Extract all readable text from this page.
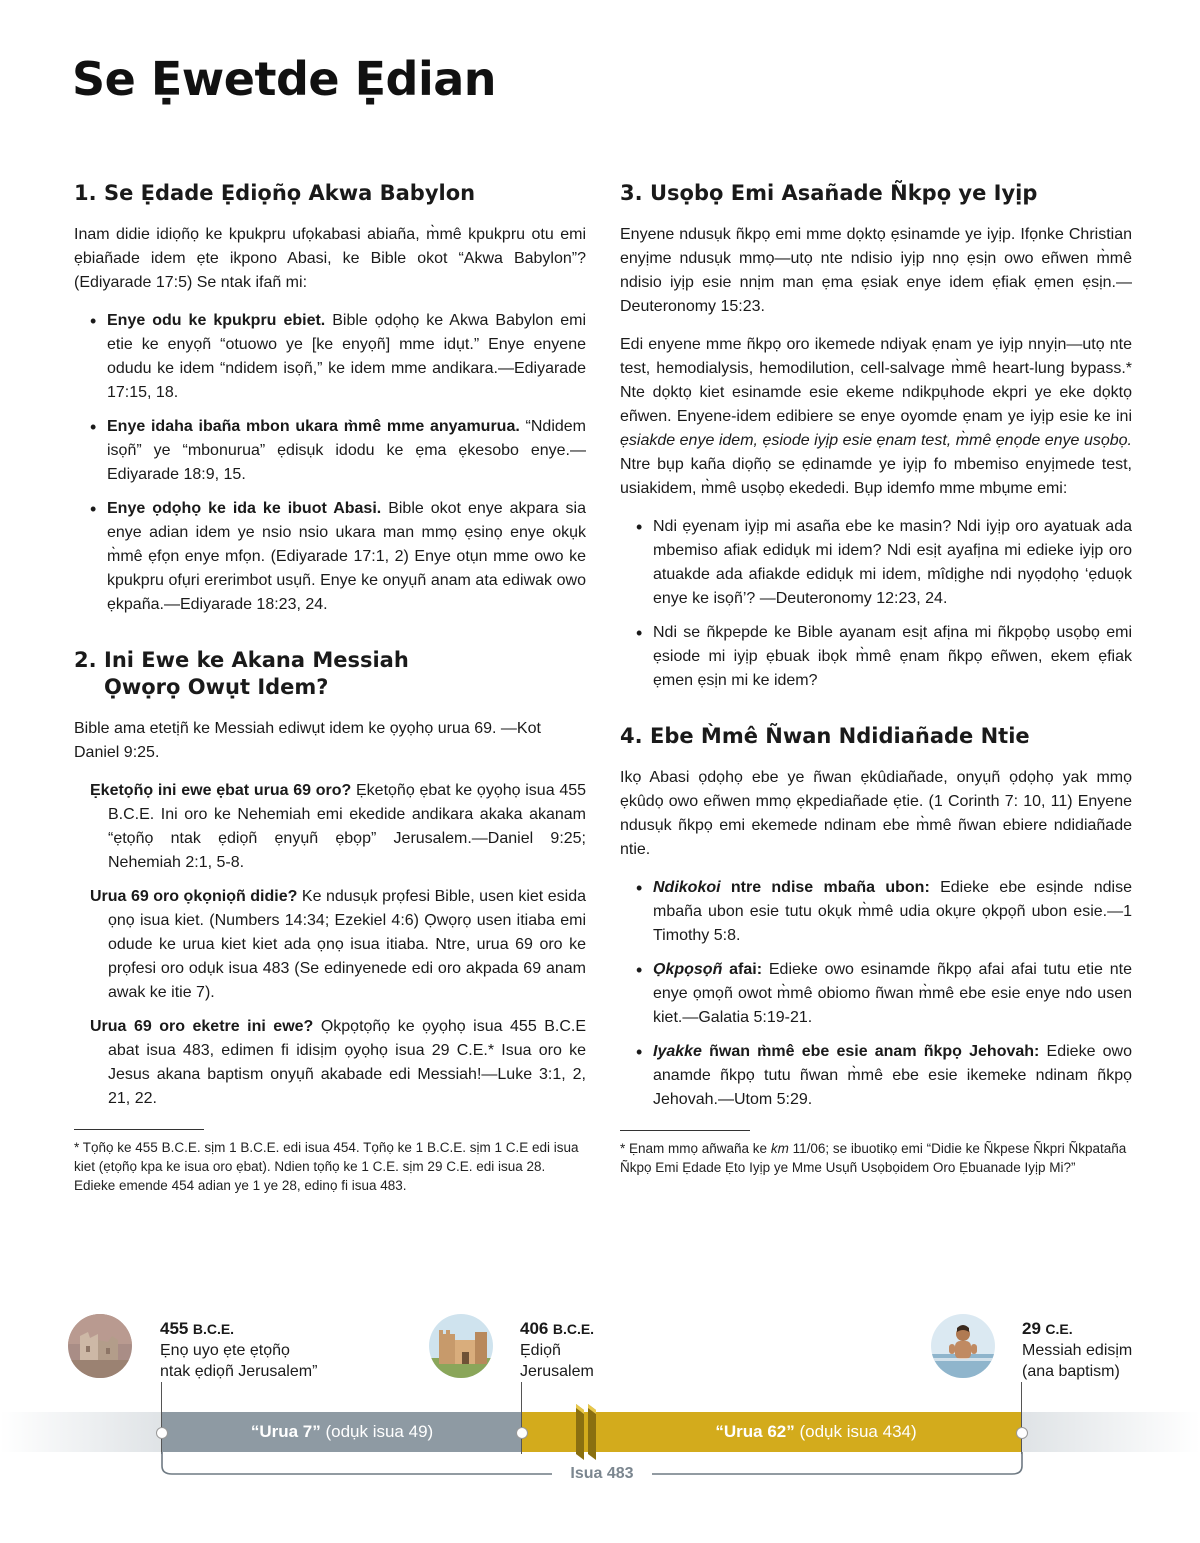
Se Ẹwetde Ẹdian
1. Se Ẹdade Ẹdiọñọ Akwa Babylon

Inam didie idiọñọ ke kpukpru ufọkabasi abiaña, m̀mê kpukpru otu emi ẹbiañade idem ẹte ikpono Abasi, ke Bible okot “Akwa Babylon”? (Ediyarade 17:5) Se ntak ifañ mi:

• Enye odu ke kpukpru ebiet. Bible ọdọhọ ke Akwa Babylon emi etie ke enyọñ “otuowo ye [ke enyọñ] mme idụt.” Enye enyene odudu ke idem “ndidem isọñ,” ke idem mme andikara.—Ediyarade 17:15, 18.
• Enye idaha ibaña mbon ukara m̀mê mme anyamurua. “Ndidem isọñ” ye “mbonurua” ẹdisụk idodu ke ẹma ẹkesobo enye.—Ediyarade 18:9, 15.
• Enye ọdọhọ ke ida ke ibuot Abasi. Bible okot enye akpara sia enye adian idem ye nsio nsio ukara man mmọ ẹsinọ enye okụk m̀mê ẹfọn enye mfọn. (Ediyarade 17:1, 2) Enye otụn mme owo ke kpukpru ofụri ererimbot usụñ. Enye ke onyụñ anam ata ediwak owo ẹkpañа.—Ediyarade 18:23, 24.
2. Ini Ewe ke Akana Messiah Ọwọrọ Owụt Idem?

Bible ama etetịñ ke Messiah ediwụt idem ke ọyọhọ urua 69. —Kot Daniel 9:25.

Ẹketọñọ ini ewe ẹbat urua 69 oro? Ẹketọñọ ẹbat ke ọyọhọ isua 455 B.C.E. Ini oro ke Nehemiah emi ekedide andikara akaka akanam “ẹtọñọ ntak ẹdiọñ ẹnyụñ ẹbọp” Jerusalem.—Daniel 9:25; Nehemiah 2:1, 5-8.
Urua 69 oro ọkọniọñ didie? Ke ndusụk prọfesi Bible, usen kiet esida ọnọ isua kiet. (Numbers 14:34; Ezekiel 4:6) Ọwọrọ usen itiaba emi odude ke urua kiet kiet ada ọnọ isua itiaba. Ntre, urua 69 oro ke prọfesi oro odụk isua 483 (Se edinyenede edi oro akpada 69 anam awak ke itie 7).
Urua 69 oro eketre ini ewe? Ọkpọtọñọ ke ọyọhọ isua 455 B.C.E abat isua 483, edimen fi idisịm ọyọhọ isua 29 C.E.* Isua oro ke Jesus akana baptism onyụñ akabade edi Messiah!—Luke 3:1, 2, 21, 22.

* Tọñọ ke 455 B.C.E. sịm 1 B.C.E. edi isua 454. Tọñọ ke 1 B.C.E. sịm 1 C.E edi isua kiet (ẹtọñọ kpa ke isua oro ẹbat). Ndien tọñọ ke 1 C.E. sịm 29 C.E. edi isua 28. Edieke emende 454 adian ye 1 ye 28, edinọ fi isua 483.

3. Usọbọ Emi Asañade Ñkpọ ye Iyịp

Enyene ndusụk ñkpọ emi mme dọktọ ẹsinamde ye iyịp. Ifọnke Christian enyịme ndusụk mmọ—utọ nte ndisio iyịp nnọ ẹsịn owo eñwen m̀mê ndisio iyịp esie nnịm man ẹma ẹsiak enye idem ẹfiak ẹmen ẹsịn.—Deuteronomy 15:23.

Edi enyene mme ñkpọ oro ikemede ndiyak ẹnam ye iyịp nnyịn—utọ nte test, hemodialysis, hemodilution, cell-salvage m̀mê heart-lung bypass.* Nte dọktọ kiet esinamde esie ekeme ndikpụhode ekpri ye eke dọktọ eñwen. Enyene-idem edibiere se enye oyomde ẹnam ye iyịp esie ke ini ẹsiakde enye idem, ẹsiode iyịp esie ẹnam test, m̀mê ẹnọde enye usọbọ. Ntre bụp kaña diọñọ se ẹdinamde ye iyịp fo mbemiso enyịmede test, usiakidem, m̀mê usọbọ ekededi. Bụp idemfo mme mbụme emi:

• Ndi ẹyenam iyịp mi asaña ebe ke masin? Ndi iyịp oro ayatuak ada mbemiso afiak edidụk mi idem? Ndi esịt ayafịna mi edieke iyịp oro atuakde ada afiakde edidụk mi idem, mîdịghe ndi nyọdọhọ ‘ẹduọk enye ke isọñ’? —Deuteronomy 12:23, 24.
• Ndi se ñkpepde ke Bible ayanam esịt afịna mi ñkpọbọ usọbọ emi ẹsiode mi iyịp ẹbuak ibọk m̀mê ẹnam ñkpọ eñwen, ekem ẹfiak ẹmen ẹsịn mi ke idem?
4. Ebe M̀mê Ñwan Ndidiañade Ntie

Ikọ Abasi ọdọhọ ebe ye ñwan ẹkûdiañade, onyụñ ọdọhọ yak mmọ ẹkûdọ owo eñwen mmọ ẹkpediañade ẹtie. (1 Corinth 7: 10, 11) Enyene ndusụk ñkpọ emi ekemede ndinam ebe m̀mê ñwan ebiere ndidiañade ntie.

• Ndikokoi ntre ndise mbaña ubon: Edieke ebe esịnde ndise mbaña ubon esie tutu okụk m̀mê udia okụre ọkpọñ ubon esie.—1 Timothy 5:8.
• Ọkpọsọñ afai: Edieke owo esinamde ñkpọ afai afai tutu etie nte enye ọmọñ owot m̀mê obiomo ñwan m̀mê ebe esie enye ndo usen kiet.—Galatia 5:19-21.
• Iyakke ñwan m̀mê ebe esie anam ñkpọ Jehovah: Edieke owo anamde ñkpọ tutu ñwan m̀mê ebe esie ikemeke ndinam ñkpọ Jehovah.—Utom 5:29.

* Ẹnam mmọ añwaña ke km 11/06; se ibuotikọ emi “Didie ke Ñkpese Ñkpri Ñkpataña Ñkpọ Emi Ẹdade Ẹto Iyịp ye Mme Usụñ Usọbọidem Oro Ẹbuanade Iyịp Mi?”

455 B.C.E.
Ẹnọ uyo ẹte ẹtọñọ
ntak ẹdiọñ Jerusalem”
406 B.C.E.
Ẹdiọñ
Jerusalem
29 C.E.
Messiah edisịm
(ana baptism)
“Urua 7” (odụk isua 49)	“Urua 62” (odụk isua 434)
Isua 483
